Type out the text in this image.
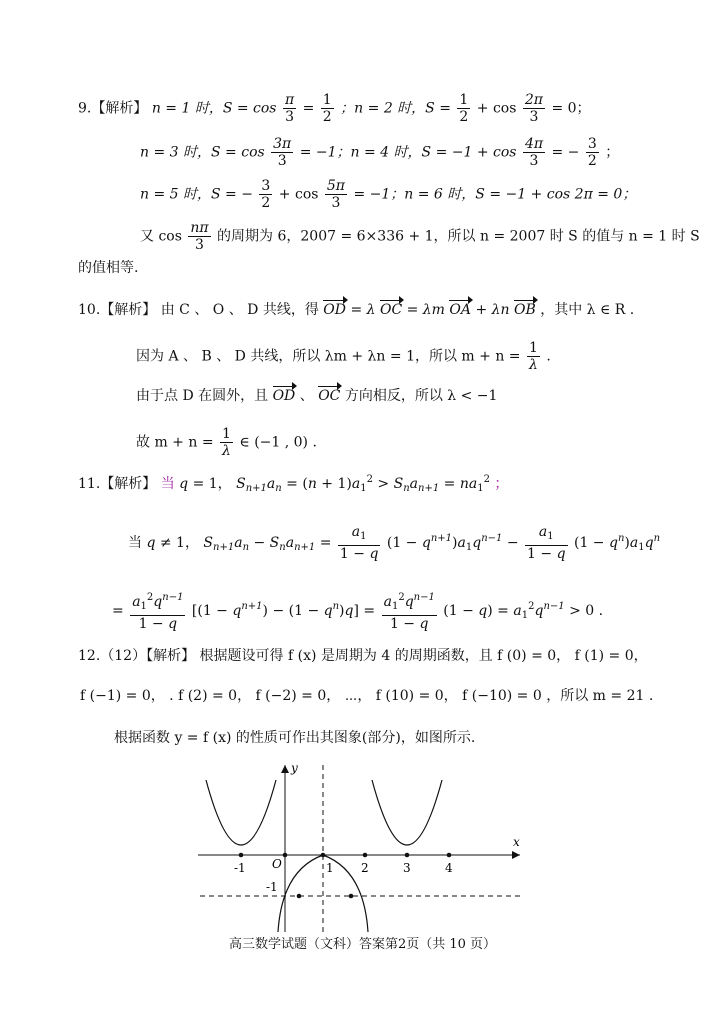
9.【解析】 n = 1 时，$S = \cos \frac{\pi}{3} = \frac{1}{2}$ ；n = 2 时，$S = \frac{1}{2} + \cos \frac{2\pi}{3} = 0$；
n = 3 时，$S = \cos \frac{3\pi}{3} = -1$；n = 4 时，$S = -1 + \cos \frac{4\pi}{3}$ = − $\frac{3}{2}$ ；
n = 5 时，S = − $\frac{3}{2} + \cos \frac{5\pi}{3} = -1$；n = 6 时，S = −1 + cos 2π = 0；
又 $\cos \frac{n\pi}{3}$ 的周期为 6，2007 = 6×336 + 1，所以 n = 2007 时 S 的值与 n = 1 时 S
的值相等.
10.【解析】 由 C 、 O 、 D 共线，得 OD = λ OC = λm OA + λn OB ，其中 λ ∈ R .
因为 A 、 B 、 D 共线，所以 λm + λn = 1，所以 $m + n = \frac{1}{\lambda}$ .
由于点 D 在圆外，且 OD 、 OC 方向相反，所以 λ < −1
故 $m + n = \frac{1}{\lambda}$ ∈ (−1 , 0) .
11.【解析】 当 q = 1， $S_{n+1}a_n = (n + 1)a_1^2 > S_na_{n+1} = na_1^2$ ；
当 q ≠ 1， $S_{n+1}a_n - S_na_{n+1} = \frac{a_1}{1 - q} (1 - q^{n+1})a_1q^{n-1} - \frac{a_1}{1 - q} (1 - q^n)a_1q^n$
= $\frac{a_1^2q^{n-1}}{1 - q} [(1 - q^{n+1}) - (1 - q^n)q] = \frac{a_1^2q^{n-1}}{1 - q} (1 - q) = a_1^2q^{n-1} > 0$ .
12.（12）【解析】 根据题设可得 f (x) 是周期为 4 的周期函数，且 f (0) = 0， f (1) = 0，
f (−1) = 0， . f (2) = 0， f (−2) = 0， ⋯， f (10) = 0， f (−10) = 0 ，所以 m = 21 .
根据函数 y = f (x) 的性质可作出其图象(部分)，如图所示.
y
x
O
-1	1 2	3	4
-1
高三数学试题（文科）答案第2页（共 10 页）
